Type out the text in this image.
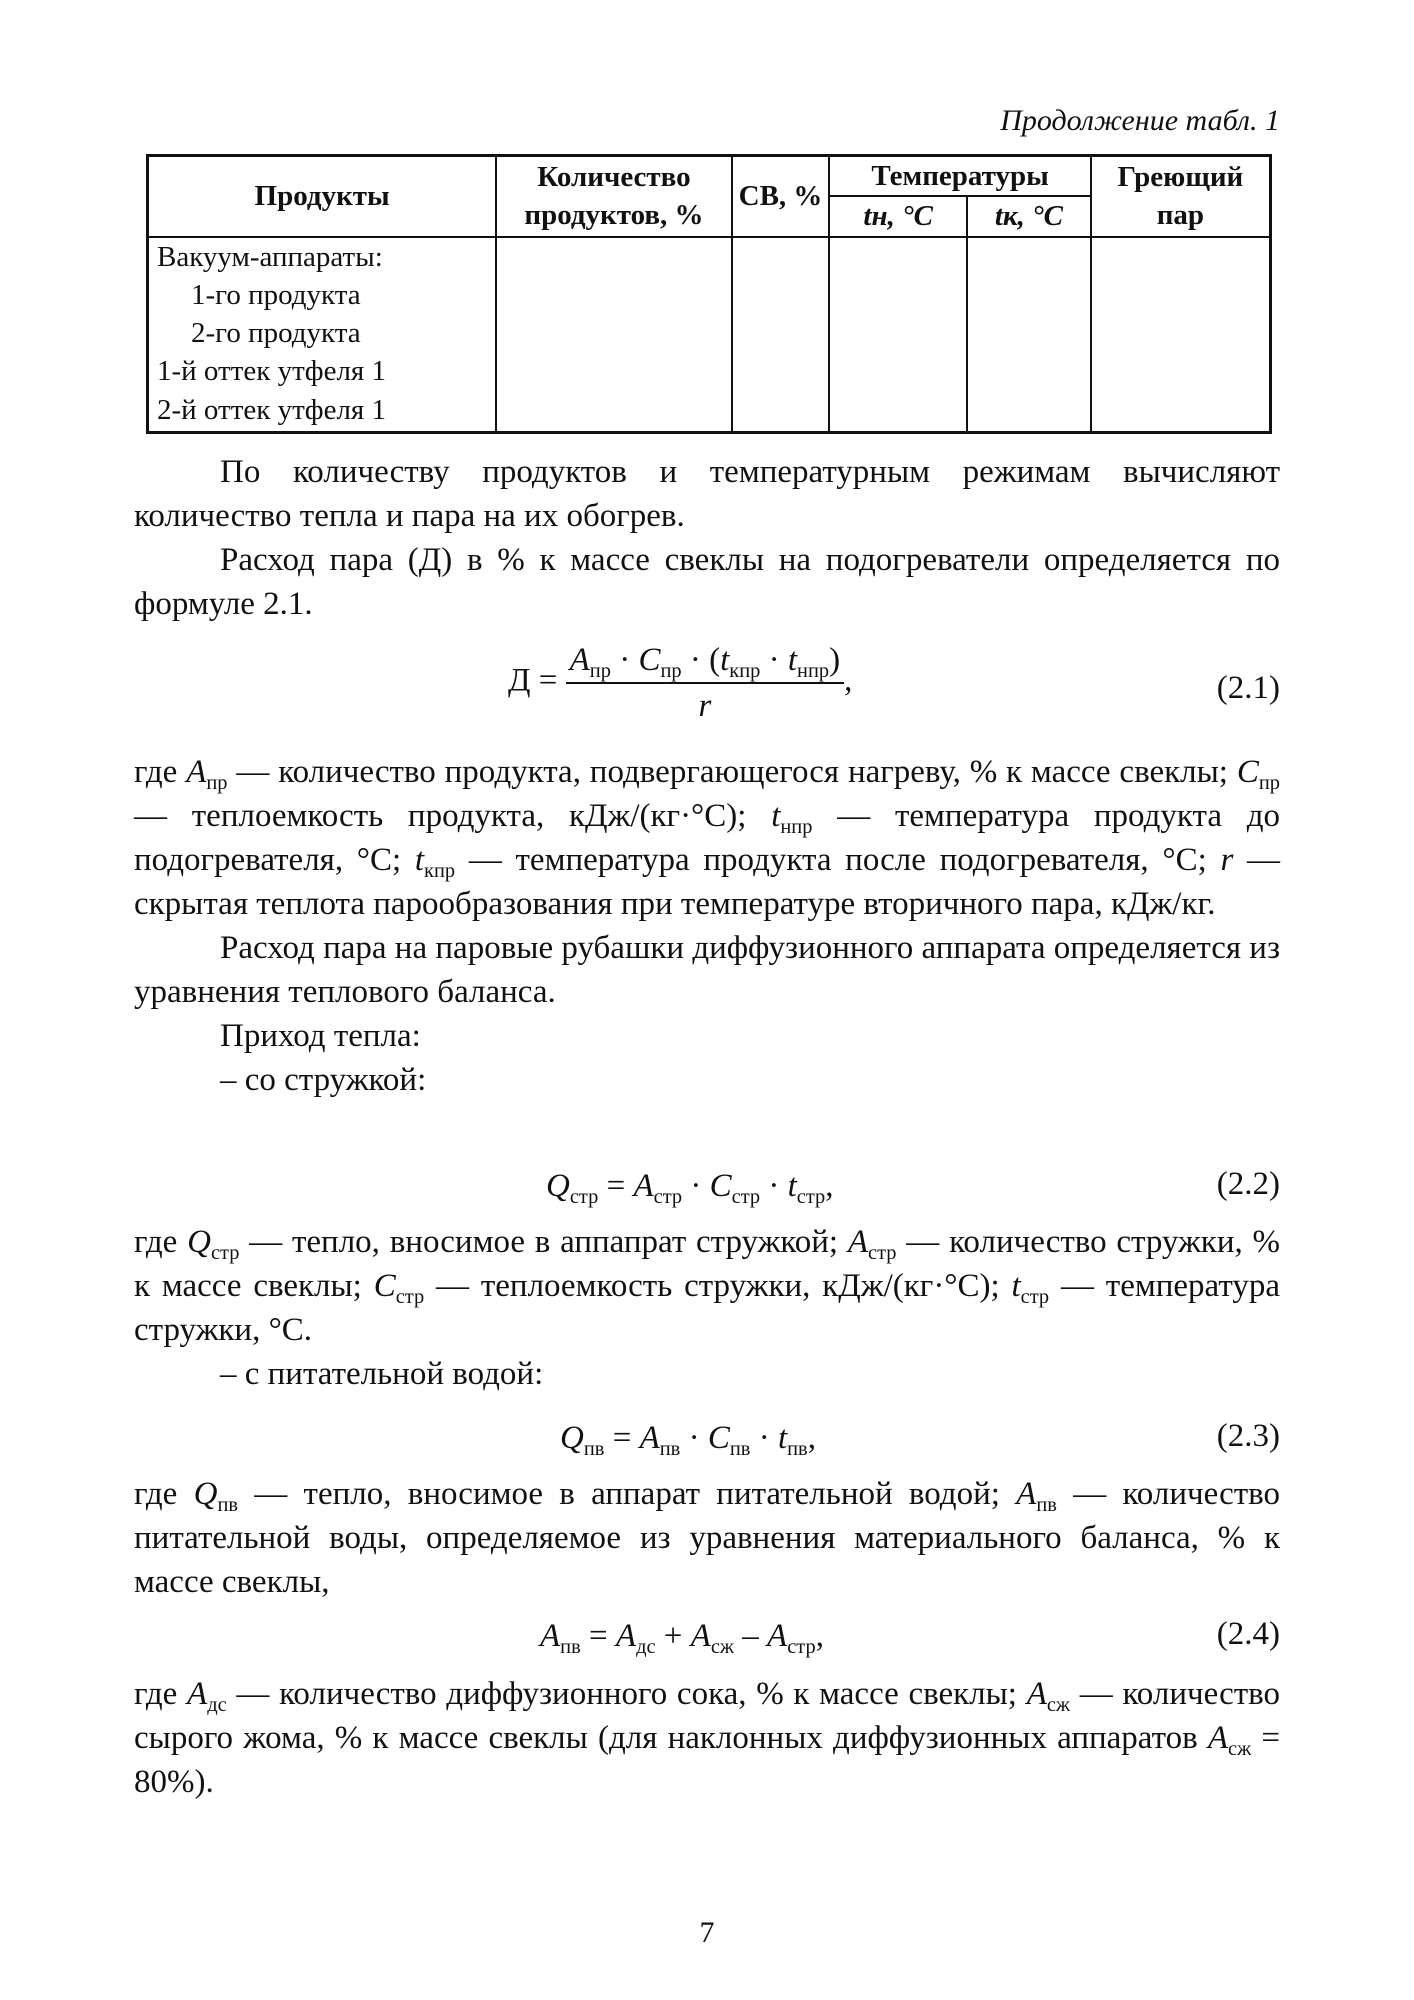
Продолжение табл. 1
Продукты	Количество продуктов, %	СВ, %	Температуры		Греющий пар
			tн, °С	tк, °С	

Вакуум-аппараты:
1-го продукта
2-го продукта
1-й оттек утфеля 1
2-й оттек утфеля 1					

По количеству продуктов и температурным режимам вычисляют количество тепла и пара на их обогрев.

Расход пара (Д) в % к массе свеклы на подогреватели определяется по формуле 2.1.

$Д = \frac{A_{пр} \cdot C_{пр} \cdot (t_{кпр} \cdot t_{нпр})}{r}$ ,	(2.1)

где $A_{пр}$ — количество продукта, подвергающегося нагреву, % к массе свеклы; $C_{пр}$ — теплоемкость продукта, кДж/(кг·°С); $t_{нпр}$ — температура продукта до подогревателя, °С; $t_{кпр}$ — температура продукта после подогревателя, °С; r — скрытая теплота парообразования при температуре вторичного пара, кДж/кг.

Расход пара на паровые рубашки диффузионного аппарата определяется из уравнения теплового баланса.

Приход тепла:

– со стружкой:

$Q_{стр} = A_{стр} \cdot C_{стр} \cdot t_{стр}$,	(2.2)

где $Q_{стр}$ — тепло, вносимое в аппапрат стружкой; $A_{стр}$ — количество стружки, % к массе свеклы; $C_{стр}$ — теплоемкость стружки, кДж/(кг·°С); $t_{стр}$ — температура стружки, °С.

– с питательной водой:

$Q_{пв} = A_{пв} \cdot C_{пв} \cdot t_{пв}$,	(2.3)

где $Q_{пв}$ — тепло, вносимое в аппарат питательной водой; $A_{пв}$ — количество питательной воды, определяемое из уравнения материального баланса, % к массе свеклы,

$A_{пв} = A_{дс} + A_{сж} - A_{стр}$,	(2.4)

где $A_{дс}$ — количество диффузионного сока, % к массе свеклы; $A_{сж}$ — количество сырого жома, % к массе свеклы (для наклонных диффузионных аппаратов $A_{сж} = 80\%$).

7
